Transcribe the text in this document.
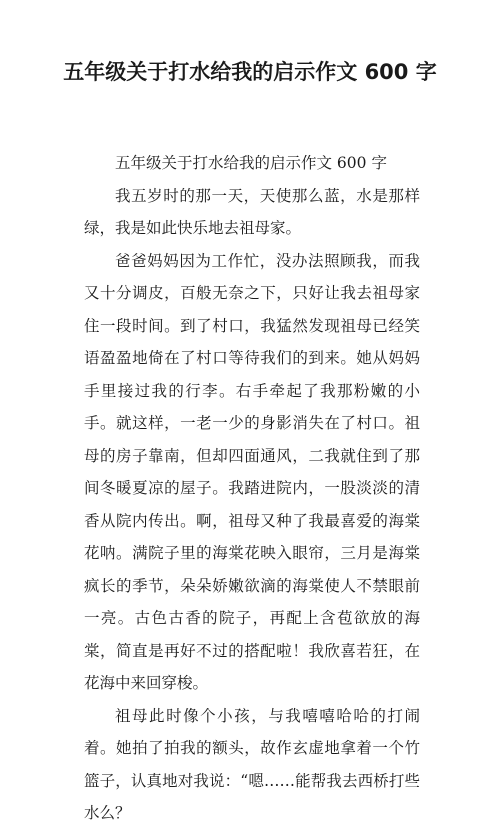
五年级关于打水给我的启示作文 600 字

五年级关于打水给我的启示作文 600 字

我五岁时的那一天，天使那么蓝，水是那样绿，我是如此快乐地去祖母家。

爸爸妈妈因为工作忙，没办法照顾我，而我又十分调皮，百般无奈之下，只好让我去祖母家住一段时间。到了村口，我猛然发现祖母已经笑语盈盈地倚在了村口等待我们的到来。她从妈妈手里接过我的行李。右手牵起了我那粉嫩的小手。就这样，一老一少的身影消失在了村口。祖母的房子靠南，但却四面通风，二我就住到了那间冬暖夏凉的屋子。我踏进院内，一股淡淡的清香从院内传出。啊，祖母又种了我最喜爱的海棠花呐。满院子里的海棠花映入眼帘，三月是海棠疯长的季节，朵朵娇嫩欲滴的海棠使人不禁眼前一亮。古色古香的院子，再配上含苞欲放的海棠，简直是再好不过的搭配啦！我欣喜若狂，在花海中来回穿梭。

祖母此时像个小孩，与我嘻嘻哈哈的打闹着。她拍了拍我的额头，故作玄虚地拿着一个竹篮子，认真地对我说：“嗯……能帮我去西桥打些水么？
